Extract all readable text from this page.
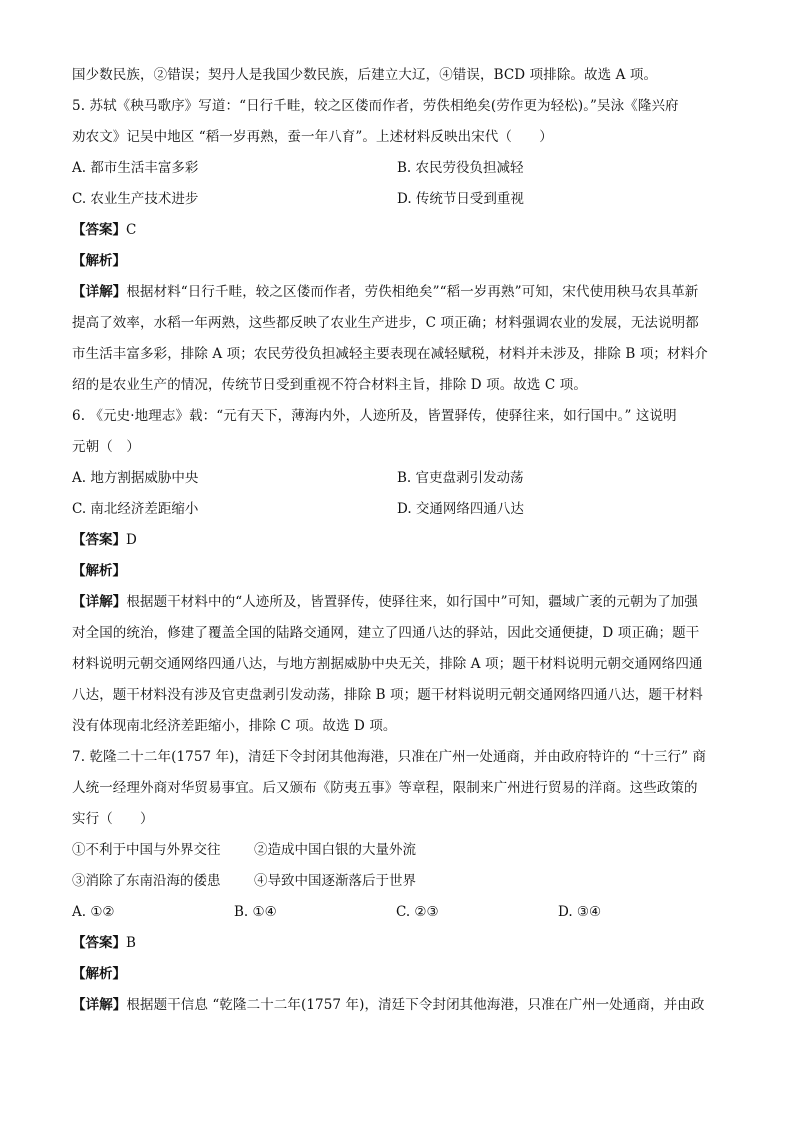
国少数民族，②错误；契丹人是我国少数民族，后建立大辽，④错误，BCD 项排除。故选 A 项。
5. 苏轼《秧马歌序》写道：“日行千畦，较之区偻而作者，劳佚相绝矣(劳作更为轻松)。”吴泳《隆兴府
劝农文》记吴中地区 “稻一岁再熟，蚕一年八育”。上述材料反映出宋代（　　）
A. 都市生活丰富多彩	B. 农民劳役负担减轻
C. 农业生产技术进步	D. 传统节日受到重视
【答案】C
【解析】
【详解】根据材料“日行千畦，较之区偻而作者，劳佚相绝矣”“稻一岁再熟”可知，宋代使用秧马农具革新
提高了效率，水稻一年两熟，这些都反映了农业生产进步，C 项正确；材料强调农业的发展，无法说明都
市生活丰富多彩，排除 A 项；农民劳役负担减轻主要表现在减轻赋税，材料并未涉及，排除 B 项；材料介
绍的是农业生产的情况，传统节日受到重视不符合材料主旨，排除 D 项。故选 C 项。
6. 《元史·地理志》载：“元有天下，薄海内外，人迹所及，皆置驿传，使驿往来，如行国中。” 这说明
元朝（　）
A. 地方割据威胁中央	B. 官吏盘剥引发动荡
C. 南北经济差距缩小	D. 交通网络四通八达
【答案】D
【解析】
【详解】根据题干材料中的“人迹所及，皆置驿传，使驿往来，如行国中”可知，疆域广袤的元朝为了加强
对全国的统治，修建了覆盖全国的陆路交通网，建立了四通八达的驿站，因此交通便捷，D 项正确；题干
材料说明元朝交通网络四通八达，与地方割据威胁中央无关，排除 A 项；题干材料说明元朝交通网络四通
八达，题干材料没有涉及官吏盘剥引发动荡，排除 B 项；题干材料说明元朝交通网络四通八达，题干材料
没有体现南北经济差距缩小，排除 C 项。故选 D 项。
7. 乾隆二十二年(1757 年)，清廷下令封闭其他海港，只准在广州一处通商，并由政府特许的 “十三行” 商
人统一经理外商对华贸易事宜。后又颁布《防夷五事》等章程，限制来广州进行贸易的洋商。这些政策的
实行（　　）
①不利于中国与外界交往	②造成中国白银的大量外流
③消除了东南沿海的倭患	④导致中国逐渐落后于世界
A. ①②	B. ①④	C. ②③	D. ③④
【答案】B
【解析】
【详解】根据题干信息 “乾隆二十二年(1757 年)，清廷下令封闭其他海港，只准在广州一处通商，并由政
